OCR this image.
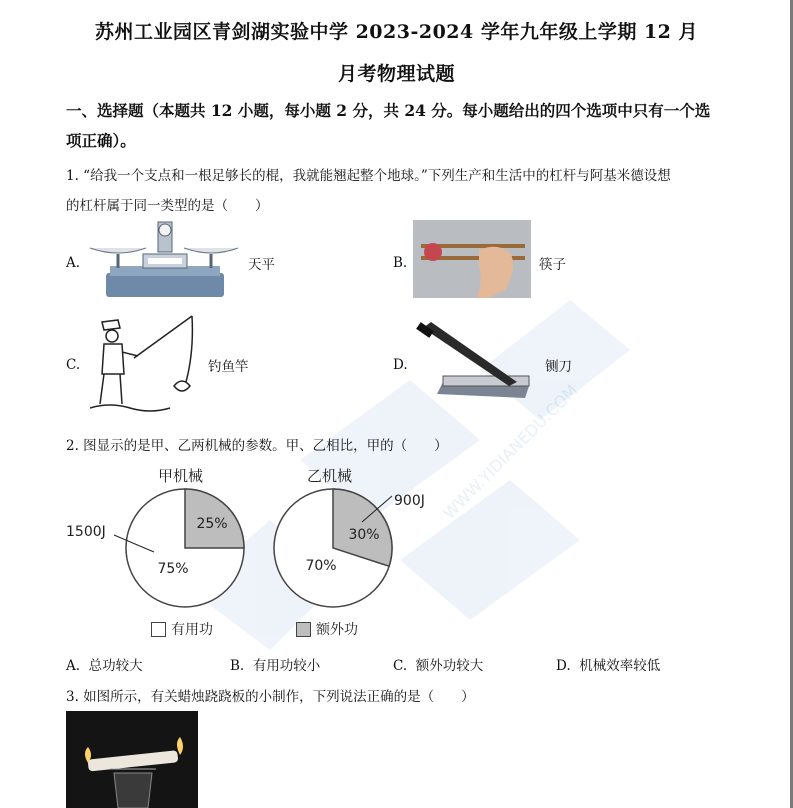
WWW.YIDIANEDU.COM
苏州工业园区青剑湖实验中学 2023-2024 学年九年级上学期 12 月
月考物理试题
一、选择题（本题共 12 小题，每小题 2 分，共 24 分。每小题给出的四个选项中只有一个选
项正确）。
1. “给我一个支点和一根足够长的棍，我就能翘起整个地球。”下列生产和生活中的杠杆与阿基米德设想
的杠杆属于同一类型的是（　　）
A.	天平	B.	筷子
C.	钓鱼竿	D.	铡刀
2. 图显示的是甲、乙两机械的参数。甲、乙相比，甲的（　　）
甲机械	乙机械
75%
25%
70%
30%
1500J
900J
有用功	额外功
A. 总功较大	B. 有用功较小	C. 额外功较大	D. 机械效率较低
3. 如图所示，有关蜡烛跷跷板的小制作，下列说法正确的是（　　）
